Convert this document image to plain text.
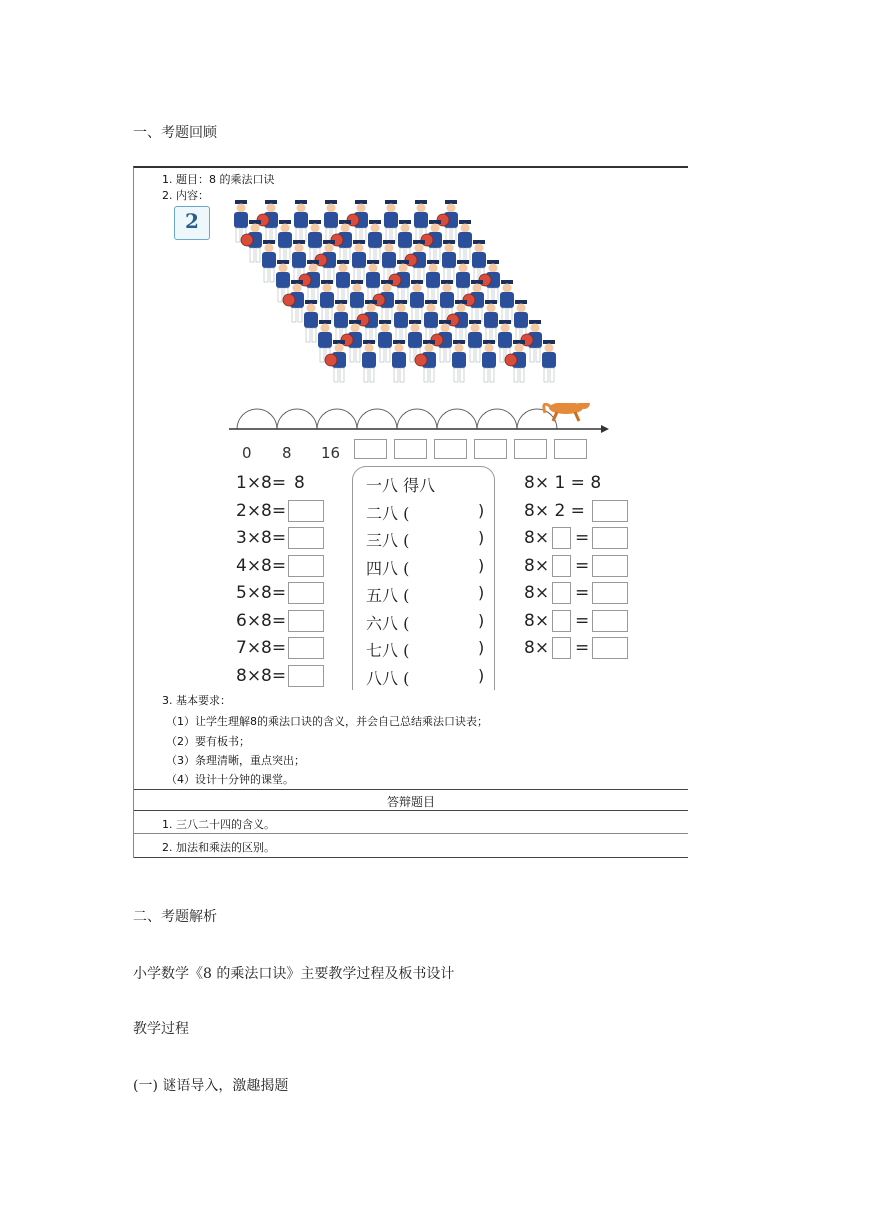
一、考题回顾
1. 题目：8 的乘法口诀
2. 内容：
2
0 8 16
1×8= 8
2×8=
3×8=
4×8=
5×8=
6×8=
7×8=
8×8=
一八 得八
二八 (	)
三八 (	)
四八 (	)
五八 (	)
六八 (	)
七八 (	)
八八 (	)
8× 1 = 8
8× 2 =
8× =
8× =
8× =
8× =
8× =
3. 基本要求：
（1）让学生理解8的乘法口诀的含义，并会自己总结乘法口诀表；
（2）要有板书；
（3）条理清晰，重点突出；
（4）设计十分钟的课堂。
答辩题目
1. 三八二十四的含义。
2. 加法和乘法的区别。
二、考题解析
小学数学《8 的乘法口诀》主要教学过程及板书设计
教学过程
(一) 谜语导入，激趣揭题
